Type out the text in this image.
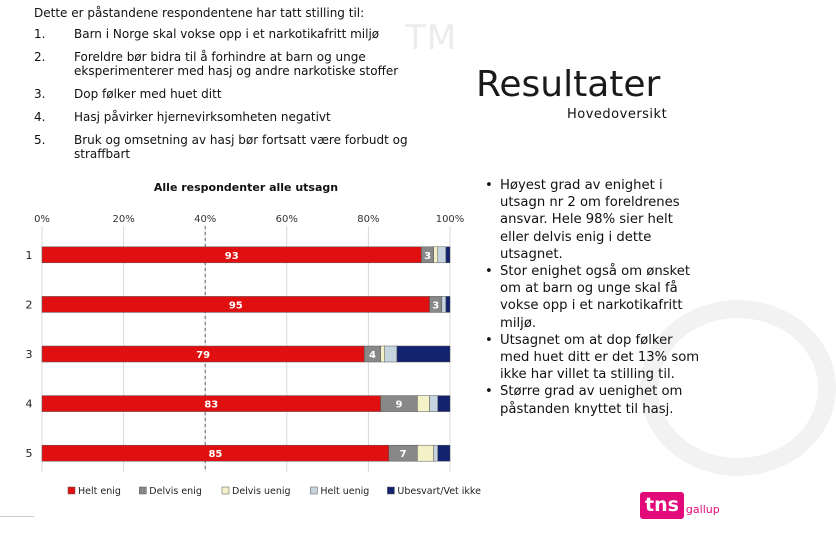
Dette er påstandene respondentene har tatt stilling til:
1.	Barn i Norge skal vokse opp i et narkotikafritt miljø
2.	Foreldre bør bidra til å forhindre at barn og unge eksperimenterer med hasj og andre narkotiske stoffer
3.	Dop følker med huet ditt
4.	Hasj påvirker hjernevirksomheten negativt
5.	Bruk og omsetning av hasj bør fortsatt være forbudt og straffbart
TM
Resultater
Hovedoversikt
• Høyest grad av enighet i utsagn nr 2 om foreldrenes ansvar. Hele 98% sier helt eller delvis enig i dette utsagnet.
• Stor enighet også om ønsket om at barn og unge skal få vokse opp i et narkotikafritt miljø.
• Utsagnet om at dop følker med huet ditt er det 13% som ikke har villet ta stilling til.
• Større grad av uenighet om påstanden knyttet til hasj.
Alle respondenter alle utsagn
0%	20%	40%	60%	80%	100%
1	93	3
2	95	3
3	79	4
4	83	9
5	85	7
Helt enig	Delvis enig	Delvis uenig	Helt uenig	Ubesvart/Vet ikke
tns gallup
